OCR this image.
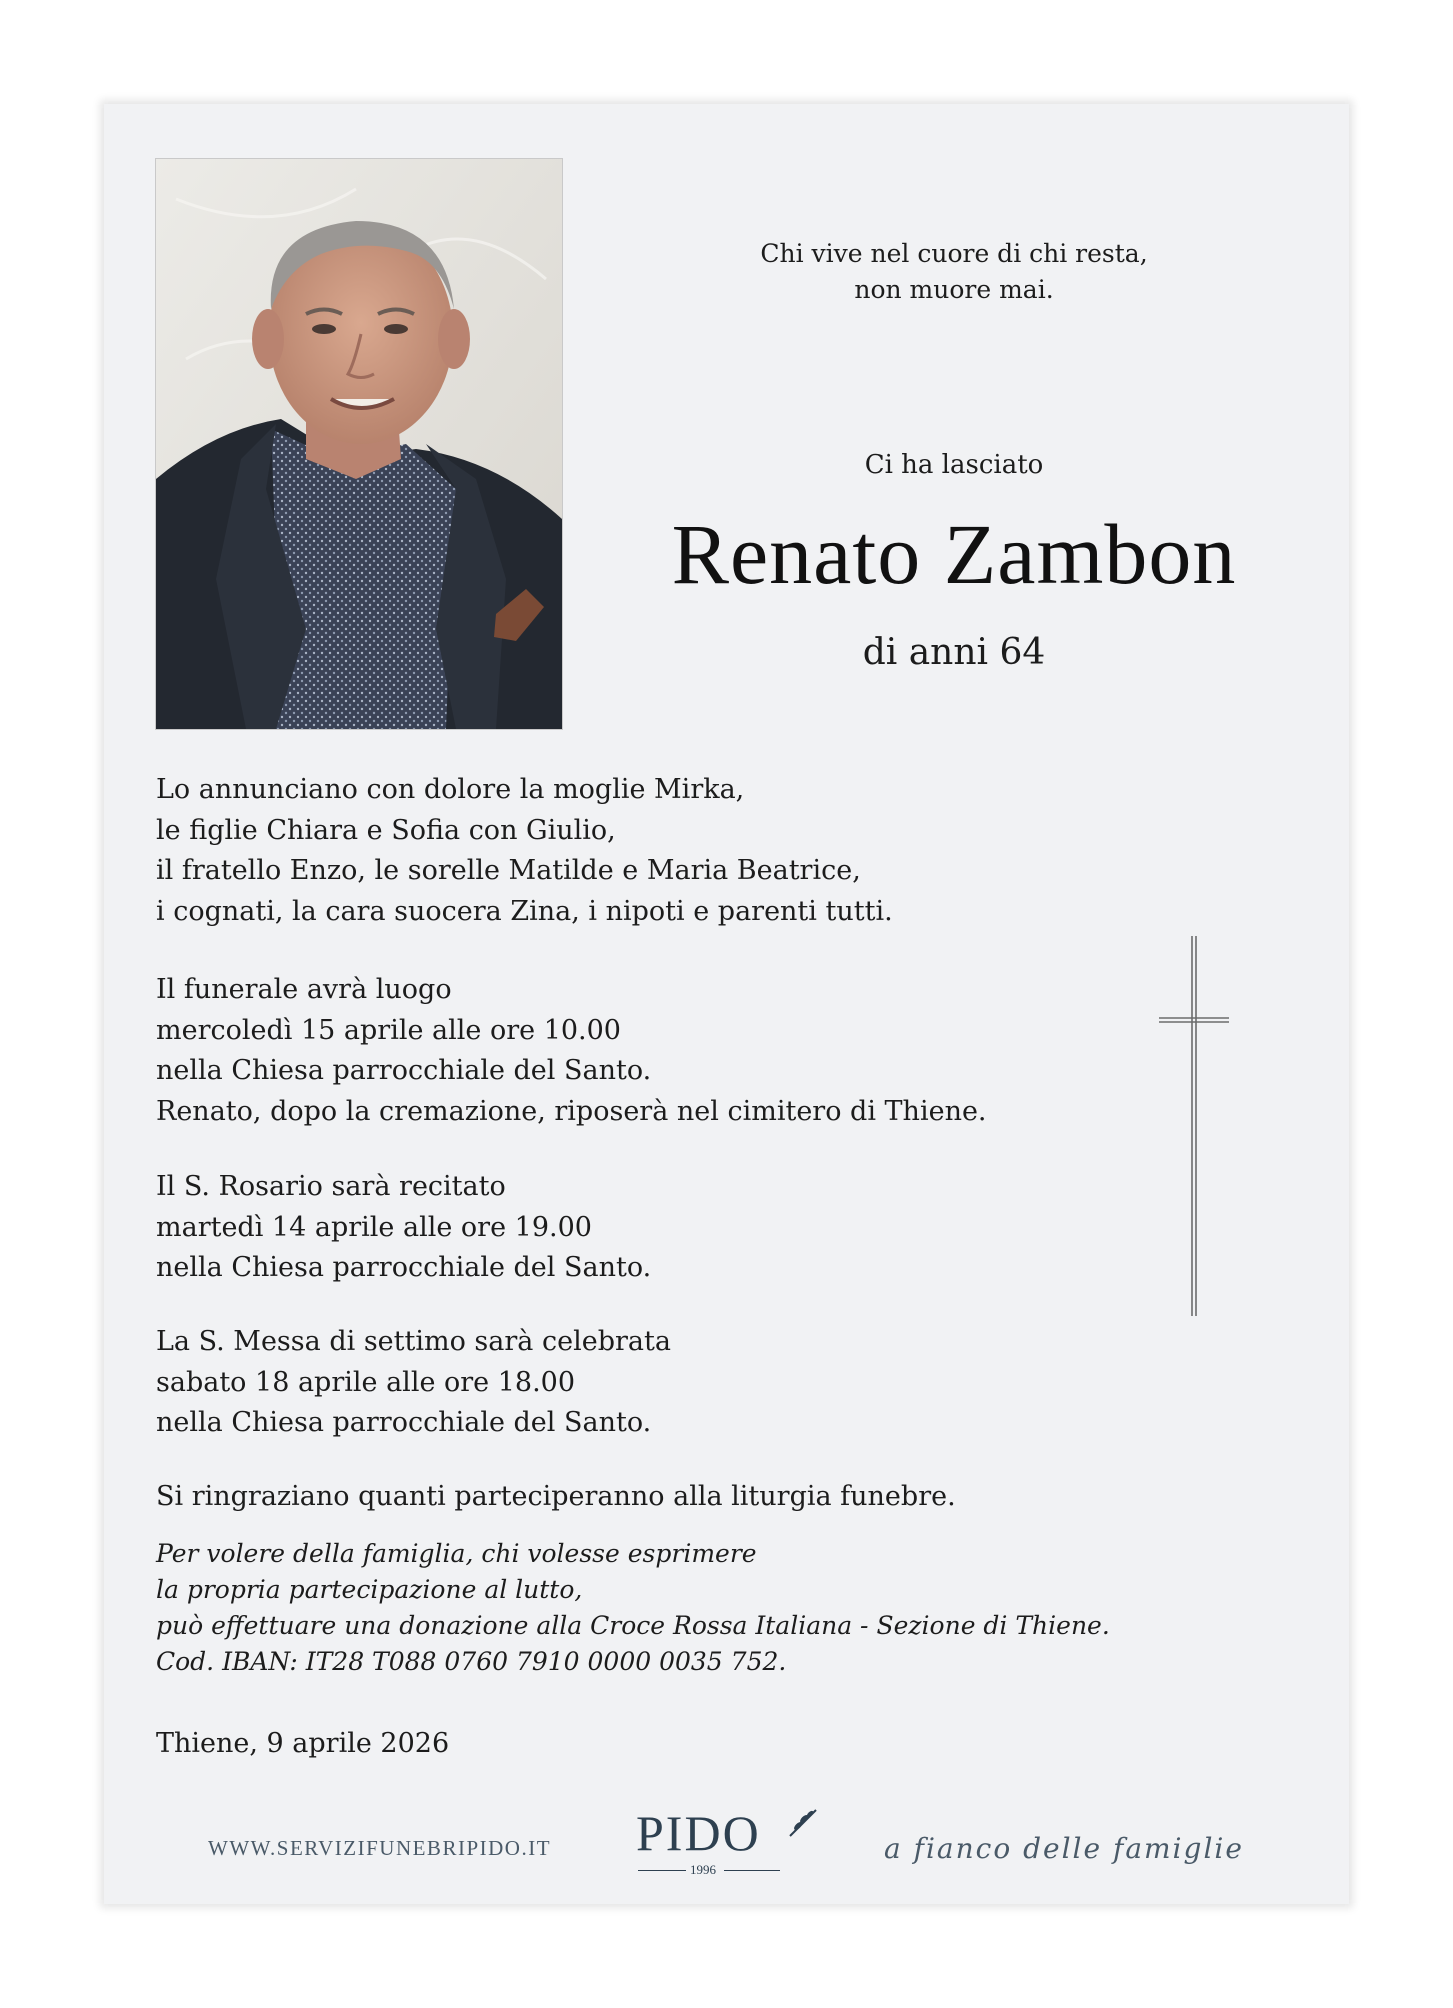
Chi vive nel cuore di chi resta,
non muore mai.
Ci ha lasciato
Renato Zambon
di anni 64
Lo annunciano con dolore la moglie Mirka,
le figlie Chiara e Sofia con Giulio,
il fratello Enzo, le sorelle Matilde e Maria Beatrice,
i cognati, la cara suocera Zina, i nipoti e parenti tutti.
Il funerale avrà luogo
mercoledì 15 aprile alle ore 10.00
nella Chiesa parrocchiale del Santo.
Renato, dopo la cremazione, riposerà nel cimitero di Thiene.
Il S. Rosario sarà recitato
martedì 14 aprile alle ore 19.00
nella Chiesa parrocchiale del Santo.
La S. Messa di settimo sarà celebrata
sabato 18 aprile alle ore 18.00
nella Chiesa parrocchiale del Santo.
Si ringraziano quanti parteciperanno alla liturgia funebre.
Per volere della famiglia, chi volesse esprimere
la propria partecipazione al lutto,
può effettuare una donazione alla Croce Rossa Italiana - Sezione di Thiene.
Cod. IBAN: IT28 T088 0760 7910 0000 0035 752.
Thiene, 9 aprile 2026
WWW.SERVIZIFUNEBRIPIDO.IT PIDO
1996
a fianco delle famiglie
